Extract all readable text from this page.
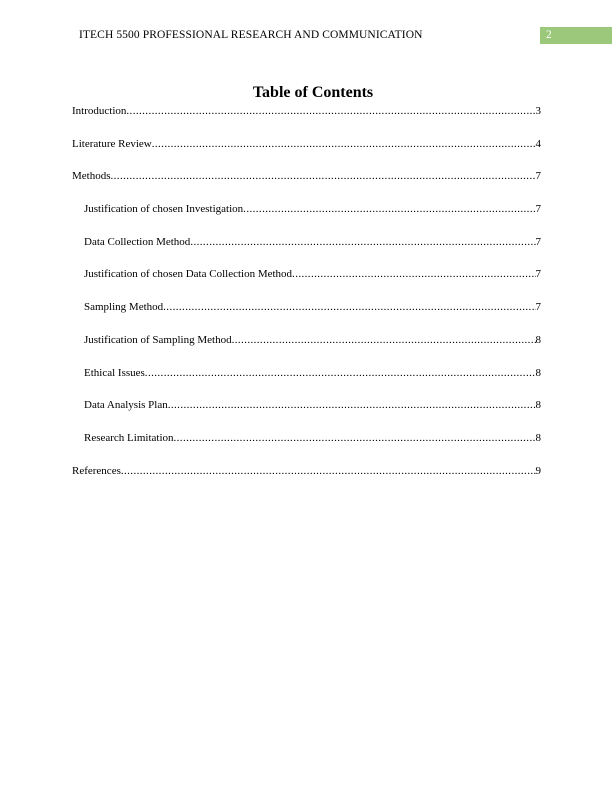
ITECH 5500 PROFESSIONAL RESEARCH AND COMMUNICATION	2
Table of Contents
Introduction .....	3
Literature Review .....	4
Methods .....	7
Justification of chosen Investigation .....	7
Data Collection Method .....	7
Justification of chosen Data Collection Method .....	7
Sampling Method .....	7
Justification of Sampling Method .....	8
Ethical Issues .....	8
Data Analysis Plan .....	8
Research Limitation .....	8
References .....	9
